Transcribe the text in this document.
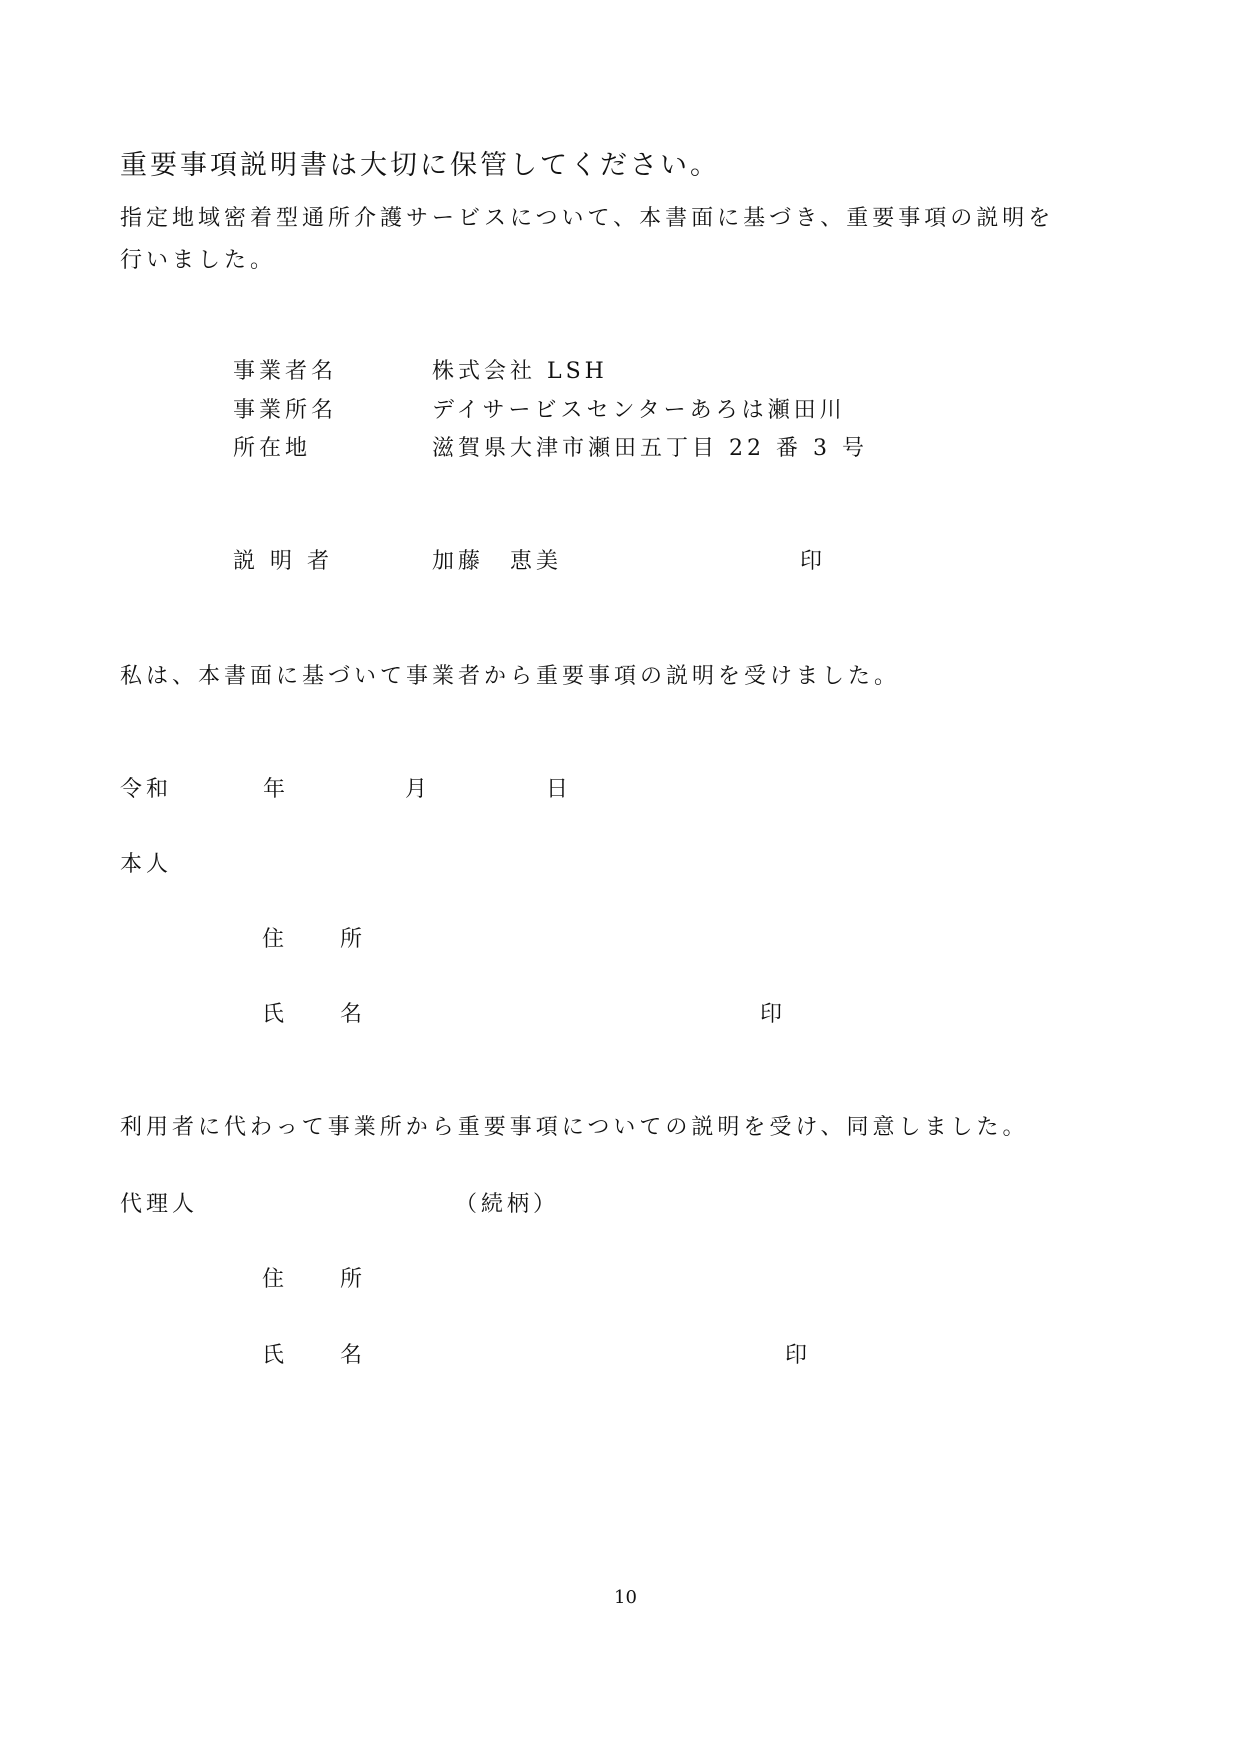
重要事項説明書は大切に保管してください。
指定地域密着型通所介護サービスについて、本書面に基づき、重要事項の説明を
行いました。
事業者名	株式会社 LSH
事業所名	デイサービスセンターあろは瀬田川
所在地	滋賀県大津市瀬田五丁目 22 番 3 号
説 明 者	加藤　恵美	印
私は、本書面に基づいて事業者から重要事項の説明を受けました。
令和	年	月	日
本人
住　　所
氏　　名	印
利用者に代わって事業所から重要事項についての説明を受け、同意しました。
代理人	（続柄）
住　　所
氏　　名	印
10
